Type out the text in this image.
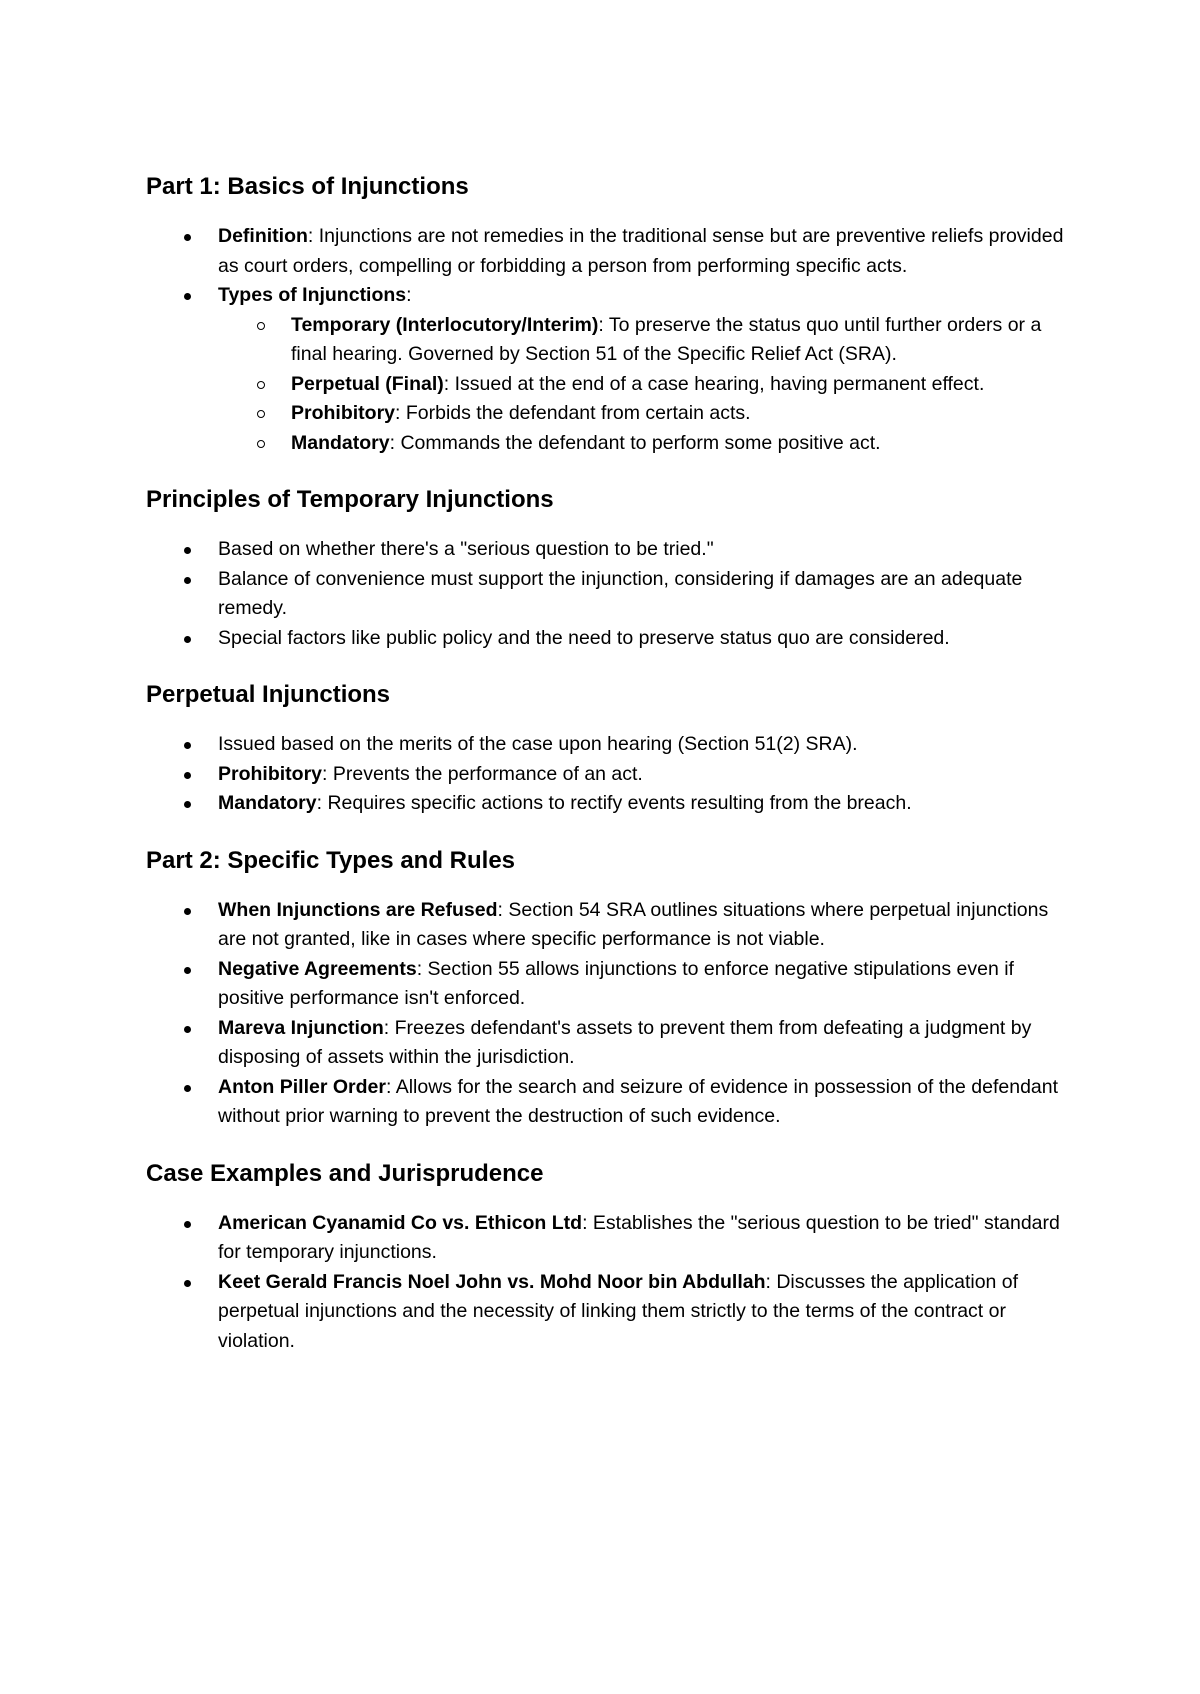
Part 1: Basics of Injunctions
Definition: Injunctions are not remedies in the traditional sense but are preventive reliefs provided as court orders, compelling or forbidding a person from performing specific acts.
Types of Injunctions:
Temporary (Interlocutory/Interim): To preserve the status quo until further orders or a final hearing. Governed by Section 51 of the Specific Relief Act (SRA).
Perpetual (Final): Issued at the end of a case hearing, having permanent effect.
Prohibitory: Forbids the defendant from certain acts.
Mandatory: Commands the defendant to perform some positive act.
Principles of Temporary Injunctions
Based on whether there's a "serious question to be tried."
Balance of convenience must support the injunction, considering if damages are an adequate remedy.
Special factors like public policy and the need to preserve status quo are considered.
Perpetual Injunctions
Issued based on the merits of the case upon hearing (Section 51(2) SRA).
Prohibitory: Prevents the performance of an act.
Mandatory: Requires specific actions to rectify events resulting from the breach.
Part 2: Specific Types and Rules
When Injunctions are Refused: Section 54 SRA outlines situations where perpetual injunctions are not granted, like in cases where specific performance is not viable.
Negative Agreements: Section 55 allows injunctions to enforce negative stipulations even if positive performance isn't enforced.
Mareva Injunction: Freezes defendant's assets to prevent them from defeating a judgment by disposing of assets within the jurisdiction.
Anton Piller Order: Allows for the search and seizure of evidence in possession of the defendant without prior warning to prevent the destruction of such evidence.
Case Examples and Jurisprudence
American Cyanamid Co vs. Ethicon Ltd: Establishes the "serious question to be tried" standard for temporary injunctions.
Keet Gerald Francis Noel John vs. Mohd Noor bin Abdullah: Discusses the application of perpetual injunctions and the necessity of linking them strictly to the terms of the contract or violation.
